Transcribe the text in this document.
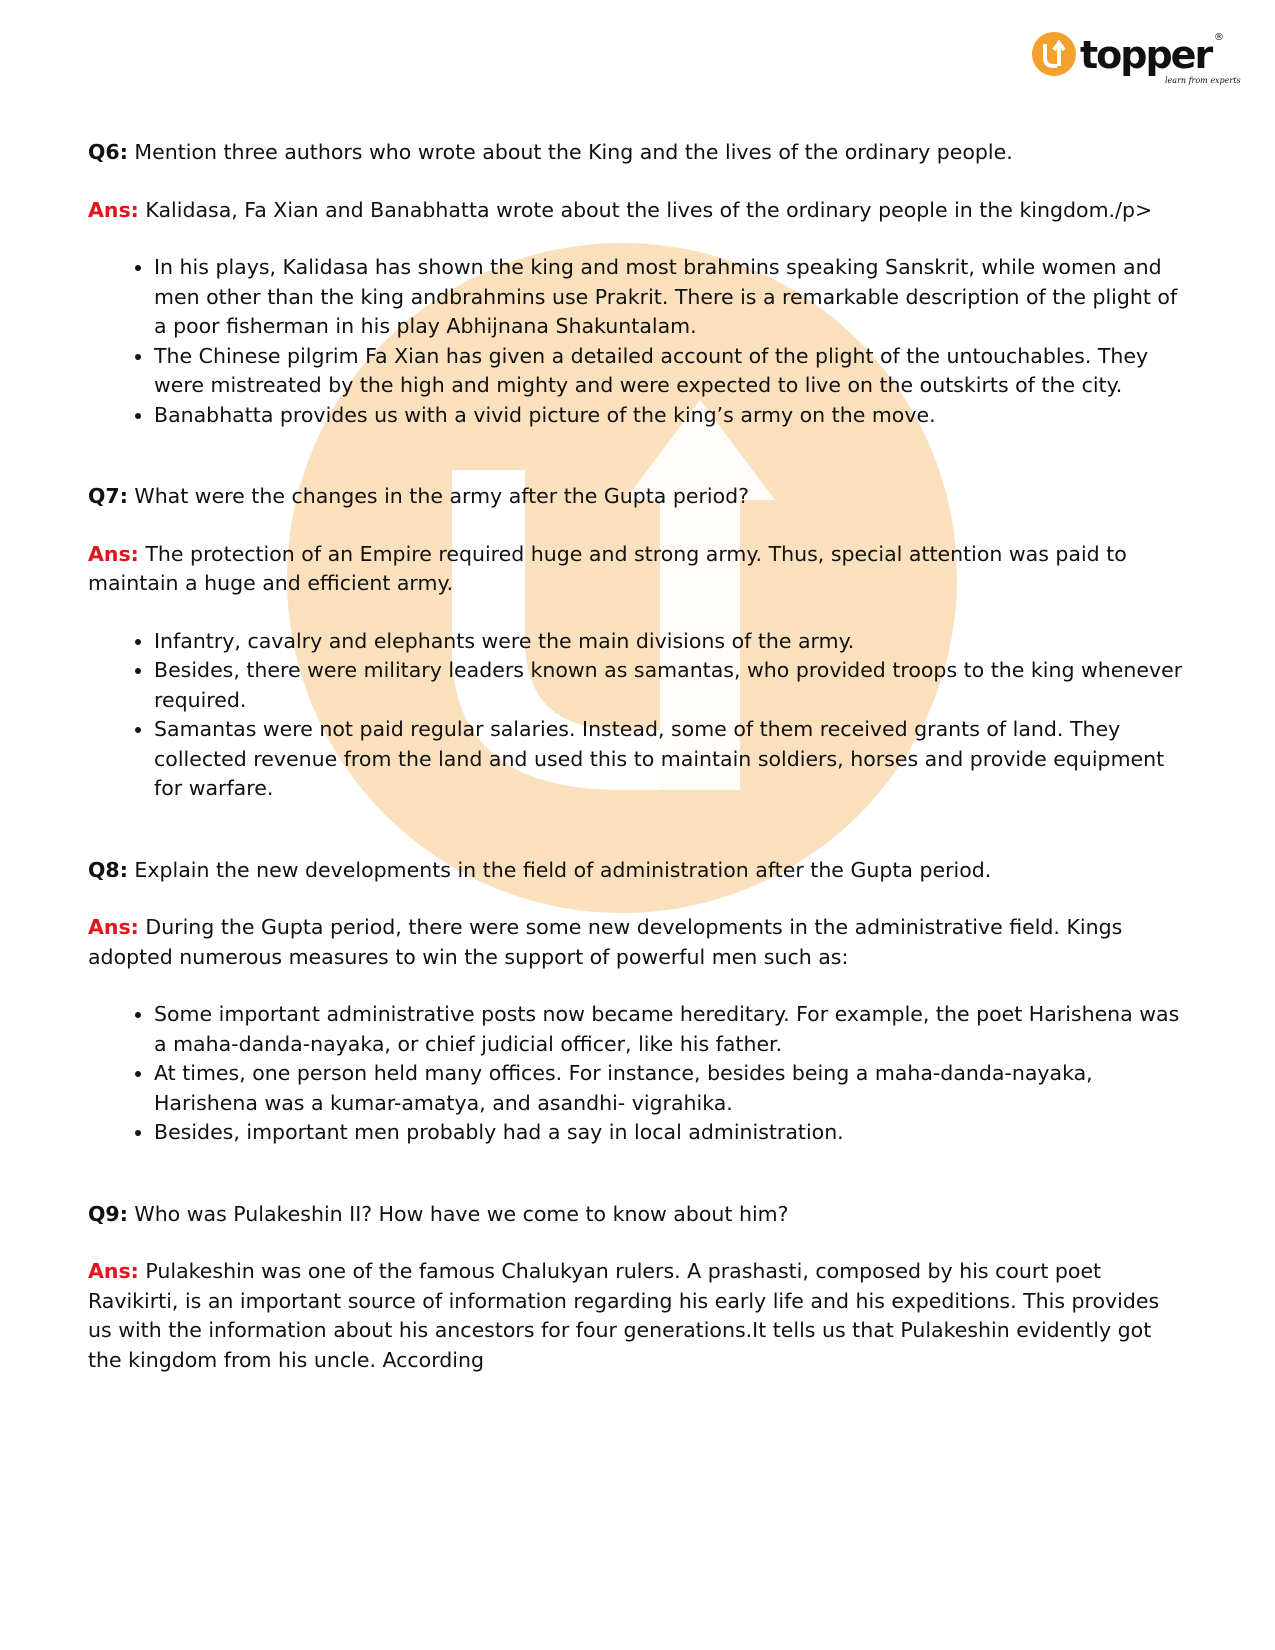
topper ®
learn from experts

Q6: Mention three authors who wrote about the King and the lives of the ordinary people.

Ans: Kalidasa, Fa Xian and Banabhatta wrote about the lives of the ordinary people in the kingdom./p>

• In his plays, Kalidasa has shown the king and most brahmins speaking Sanskrit, while women and men other than the king andbrahmins use Prakrit. There is a remarkable description of the plight of a poor fisherman in his play Abhijnana Shakuntalam.
• The Chinese pilgrim Fa Xian has given a detailed account of the plight of the untouchables. They were mistreated by the high and mighty and were expected to live on the outskirts of the city.
• Banabhatta provides us with a vivid picture of the king’s army on the move.

Q7: What were the changes in the army after the Gupta period?

Ans: The protection of an Empire required huge and strong army. Thus, special attention was paid to maintain a huge and efficient army.

• Infantry, cavalry and elephants were the main divisions of the army.
• Besides, there were military leaders known as samantas, who provided troops to the king whenever required.
• Samantas were not paid regular salaries. Instead, some of them received grants of land. They collected revenue from the land and used this to maintain soldiers, horses and provide equipment for warfare.

Q8: Explain the new developments in the field of administration after the Gupta period.

Ans: During the Gupta period, there were some new developments in the administrative field. Kings adopted numerous measures to win the support of powerful men such as:

• Some important administrative posts now became hereditary. For example, the poet Harishena was a maha-danda-nayaka, or chief judicial officer, like his father.
• At times, one person held many offices. For instance, besides being a maha-danda-nayaka, Harishena was a kumar-amatya, and asandhi- vigrahika.
• Besides, important men probably had a say in local administration.

Q9: Who was Pulakeshin II? How have we come to know about him?

Ans: Pulakeshin was one of the famous Chalukyan rulers. A prashasti, composed by his court poet Ravikirti, is an important source of information regarding his early life and his expeditions. This provides us with the information about his ancestors for four generations.It tells us that Pulakeshin evidently got the kingdom from his uncle. According
